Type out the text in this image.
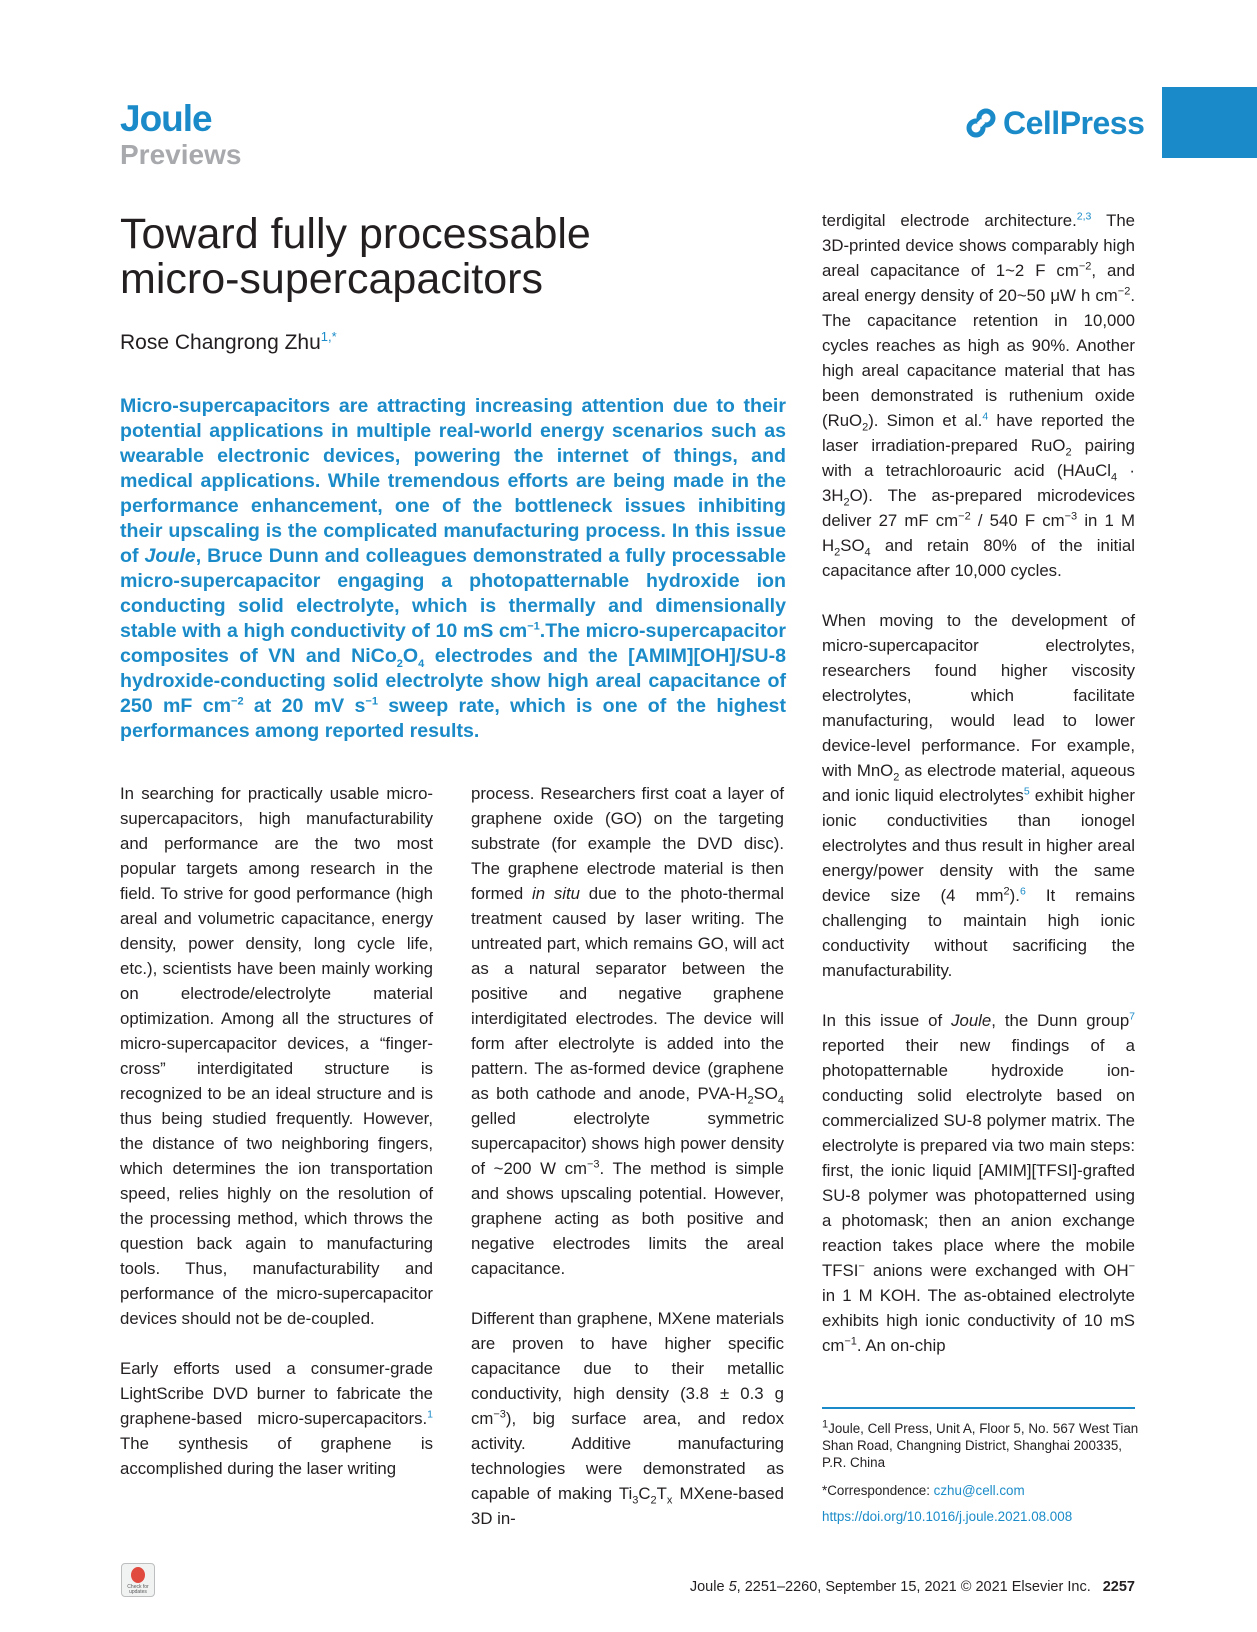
Joule
Previews
CellPress
Toward fully processable
micro-supercapacitors
Rose Changrong Zhu$^{1,*}$
Micro-supercapacitors are attracting increasing attention due to their potential applications in multiple real-world energy scenarios such as wearable electronic devices, powering the internet of things, and medical applications. While tremendous efforts are being made in the performance enhancement, one of the bottleneck issues inhibiting their upscaling is the complicated manufacturing process. In this issue of Joule, Bruce Dunn and colleagues demonstrated a fully processable micro-supercapacitor engaging a photopatternable hydroxide ion conducting solid electrolyte, which is thermally and dimensionally stable with a high conductivity of 10 mS $cm^{-1}.The$ micro-supercapacitor composites of VN and $NiCo_2O_4$ electrodes and the [AMIM][OH]/SU-8 hydroxide-conducting solid electrolyte show high areal capacitance of 250 mF $cm^{-2}$ at 20 mV $s^{-1}$ sweep rate, which is one of the highest performances among reported results.

In searching for practically usable micro-supercapacitors, high manufacturability and performance are the two most popular targets among research in the field. To strive for good performance (high areal and volumetric capacitance, energy density, power density, long cycle life, etc.), scientists have been mainly working on electrode/electrolyte material optimization. Among all the structures of micro-supercapacitor devices, a “finger-cross” interdigitated structure is recognized to be an ideal structure and is thus being studied frequently. However, the distance of two neighboring fingers, which determines the ion transportation speed, relies highly on the resolution of the processing method, which throws the question back again to manufacturing tools. Thus, manufacturability and performance of the micro-supercapacitor devices should not be de-coupled.

Early efforts used a consumer-grade LightScribe DVD burner to fabricate the graphene-based micro-supercapacitors.$^1$ The synthesis of graphene is accomplished during the laser writing

process. Researchers first coat a layer of graphene oxide (GO) on the targeting substrate (for example the DVD disc). The graphene electrode material is then formed in situ due to the photo-thermal treatment caused by laser writing. The untreated part, which remains GO, will act as a natural separator between the positive and negative graphene interdigitated electrodes. The device will form after electrolyte is added into the pattern. The as-formed device (graphene as both cathode and anode, PVA-$H_2SO_4$ gelled electrolyte symmetric supercapacitor) shows high power density of ~200 W $cm^{-3}$. The method is simple and shows upscaling potential. However, graphene acting as both positive and negative electrodes limits the areal capacitance.

Different than graphene, MXene materials are proven to have higher specific capacitance due to their metallic conductivity, high density (3.8 ± 0.3 g $cm^{-3}$), big surface area, and redox activity. Additive manufacturing technologies were demonstrated as capable of making $Ti_3C_2T_x$ MXene-based 3D in-

terdigital electrode architecture.$^{2,3}$ The 3D-printed device shows comparably high areal capacitance of 1~2 F $cm^{-2}$, and areal energy density of 20~50 μW h $cm^{-2}$. The capacitance retention in 10,000 cycles reaches as high as 90%. Another high areal capacitance material that has been demonstrated is ruthenium oxide (RuO$_2$). Simon et al.$^4$ have reported the laser irradiation-prepared RuO$_2$ pairing with a tetrachloroauric acid (HAuCl$_4$ · $3H_2O$). The as-prepared microdevices deliver 27 mF $cm^{-2} / 540$ F $cm^{-3}$ in 1 M $H_2SO_4$ and retain 80% of the initial capacitance after 10,000 cycles.

When moving to the development of micro-supercapacitor electrolytes, researchers found higher viscosity electrolytes, which facilitate manufacturing, would lead to lower device-level performance. For example, with MnO$_2$ as electrode material, aqueous and ionic liquid electrolytes$^5$ exhibit higher ionic conductivities than ionogel electrolytes and thus result in higher areal energy/power density with the same device size (4 $mm^2).^6$ It remains challenging to maintain high ionic conductivity without sacrificing the manufacturability.

In this issue of Joule, the Dunn group$^7$ reported their new findings of a photopatternable hydroxide ion-conducting solid electrolyte based on commercialized SU-8 polymer matrix. The electrolyte is prepared via two main steps: first, the ionic liquid [AMIM][TFSI]-grafted SU-8 polymer was photopatterned using a photomask; then an anion exchange reaction takes place where the mobile TFSI− anions were exchanged with OH− in 1 M KOH. The as-obtained electrolyte exhibits high ionic conductivity of 10 mS $cm^{-1}$. An on-chip

$^1$Joule, Cell Press, Unit A, Floor 5, No. 567 West Tian Shan Road, Changning District, Shanghai 200335, P.R. China
*Correspondence: czhu@cell.com
https://doi.org/10.1016/j.joule.2021.08.008
Check for updates	Joule 5, 2251–2260, September 15, 2021 © 2021 Elsevier Inc. 2257
